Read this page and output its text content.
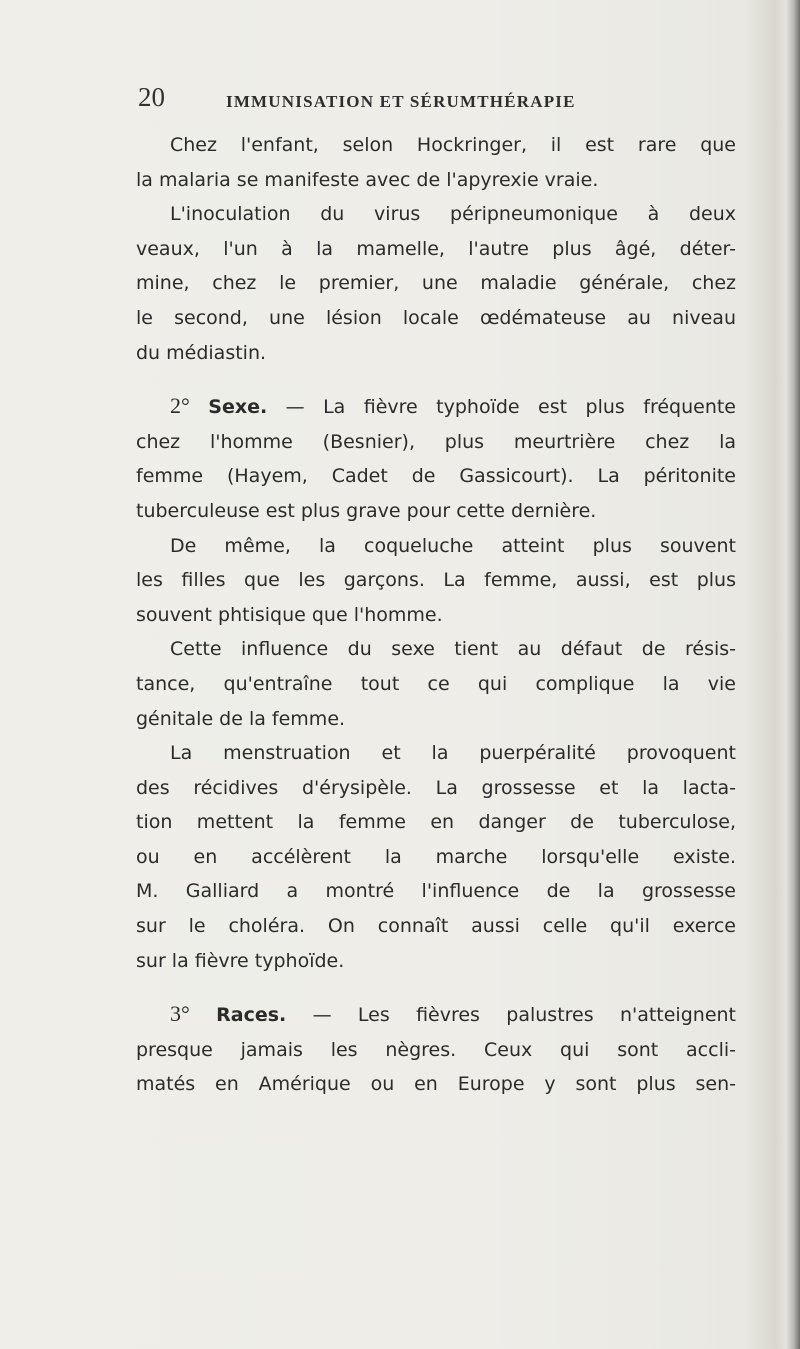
20	IMMUNISATION ET SÉRUMTHÉRAPIE
Chez l'enfant, selon Hockringer, il est rare que
la malaria se manifeste avec de l'apyrexie vraie.
L'inoculation du virus péripneumonique à deux
veaux, l'un à la mamelle, l'autre plus âgé, déter-
mine, chez le premier, une maladie générale, chez
le second, une lésion locale œdémateuse au niveau
du médiastin.
2° Sexe. — La fièvre typhoïde est plus fréquente
chez l'homme (Besnier), plus meurtrière chez la
femme (Hayem, Cadet de Gassicourt). La péritonite
tuberculeuse est plus grave pour cette dernière.
De même, la coqueluche atteint plus souvent
les filles que les garçons. La femme, aussi, est plus
souvent phtisique que l'homme.
Cette influence du sexe tient au défaut de résis-
tance, qu'entraîne tout ce qui complique la vie
génitale de la femme.
La menstruation et la puerpéralité provoquent
des récidives d'érysipèle. La grossesse et la lacta-
tion mettent la femme en danger de tuberculose,
ou en accélèrent la marche lorsqu'elle existe.
M. Galliard a montré l'influence de la grossesse
sur le choléra. On connaît aussi celle qu'il exerce
sur la fièvre typhoïde.
3° Races. — Les fièvres palustres n'atteignent
presque jamais les nègres. Ceux qui sont accli-
matés en Amérique ou en Europe y sont plus sen-
